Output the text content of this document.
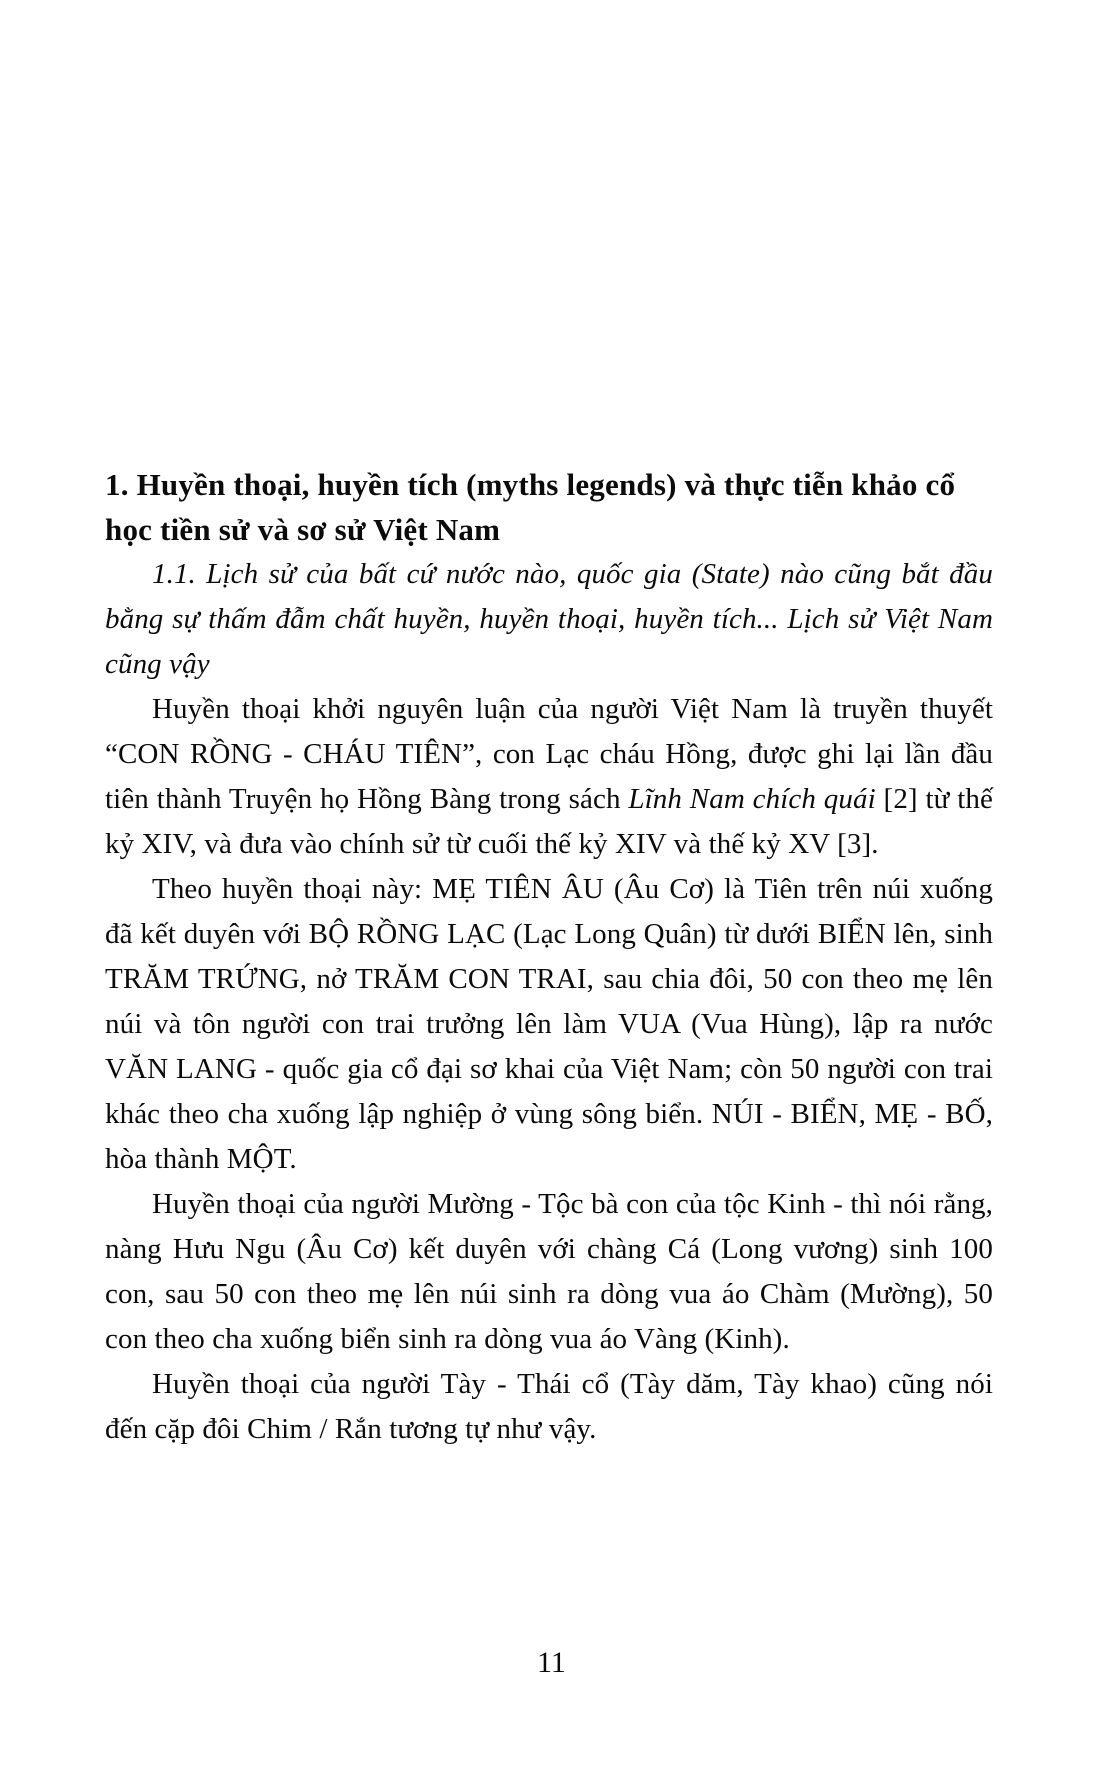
1. Huyền thoại, huyền tích (myths legends) và thực tiễn khảo cổ học tiền sử và sơ sử Việt Nam

1.1. Lịch sử của bất cứ nước nào, quốc gia (State) nào cũng bắt đầu bằng sự thấm đẫm chất huyền, huyền thoại, huyền tích... Lịch sử Việt Nam cũng vậy

Huyền thoại khởi nguyên luận của người Việt Nam là truyền thuyết “CON RỒNG - CHÁU TIÊN”, con Lạc cháu Hồng, được ghi lại lần đầu tiên thành Truyện họ Hồng Bàng trong sách Lĩnh Nam chích quái [2] từ thế kỷ XIV, và đưa vào chính sử từ cuối thế kỷ XIV và thế kỷ XV [3].

Theo huyền thoại này: MẸ TIÊN ÂU (Âu Cơ) là Tiên trên núi xuống đã kết duyên với BỘ RỒNG LẠC (Lạc Long Quân) từ dưới BIỂN lên, sinh TRĂM TRỨNG, nở TRĂM CON TRAI, sau chia đôi, 50 con theo mẹ lên núi và tôn người con trai trưởng lên làm VUA (Vua Hùng), lập ra nước VĂN LANG - quốc gia cổ đại sơ khai của Việt Nam; còn 50 người con trai khác theo cha xuống lập nghiệp ở vùng sông biển. NÚI - BIỂN, MẸ - BỐ, hòa thành MỘT.

Huyền thoại của người Mường - Tộc bà con của tộc Kinh - thì nói rằng, nàng Hưu Ngu (Âu Cơ) kết duyên với chàng Cá (Long vương) sinh 100 con, sau 50 con theo mẹ lên núi sinh ra dòng vua áo Chàm (Mường), 50 con theo cha xuống biển sinh ra dòng vua áo Vàng (Kinh).

Huyền thoại của người Tày - Thái cổ (Tày dăm, Tày khao) cũng nói đến cặp đôi Chim / Rắn tương tự như vậy.

11
